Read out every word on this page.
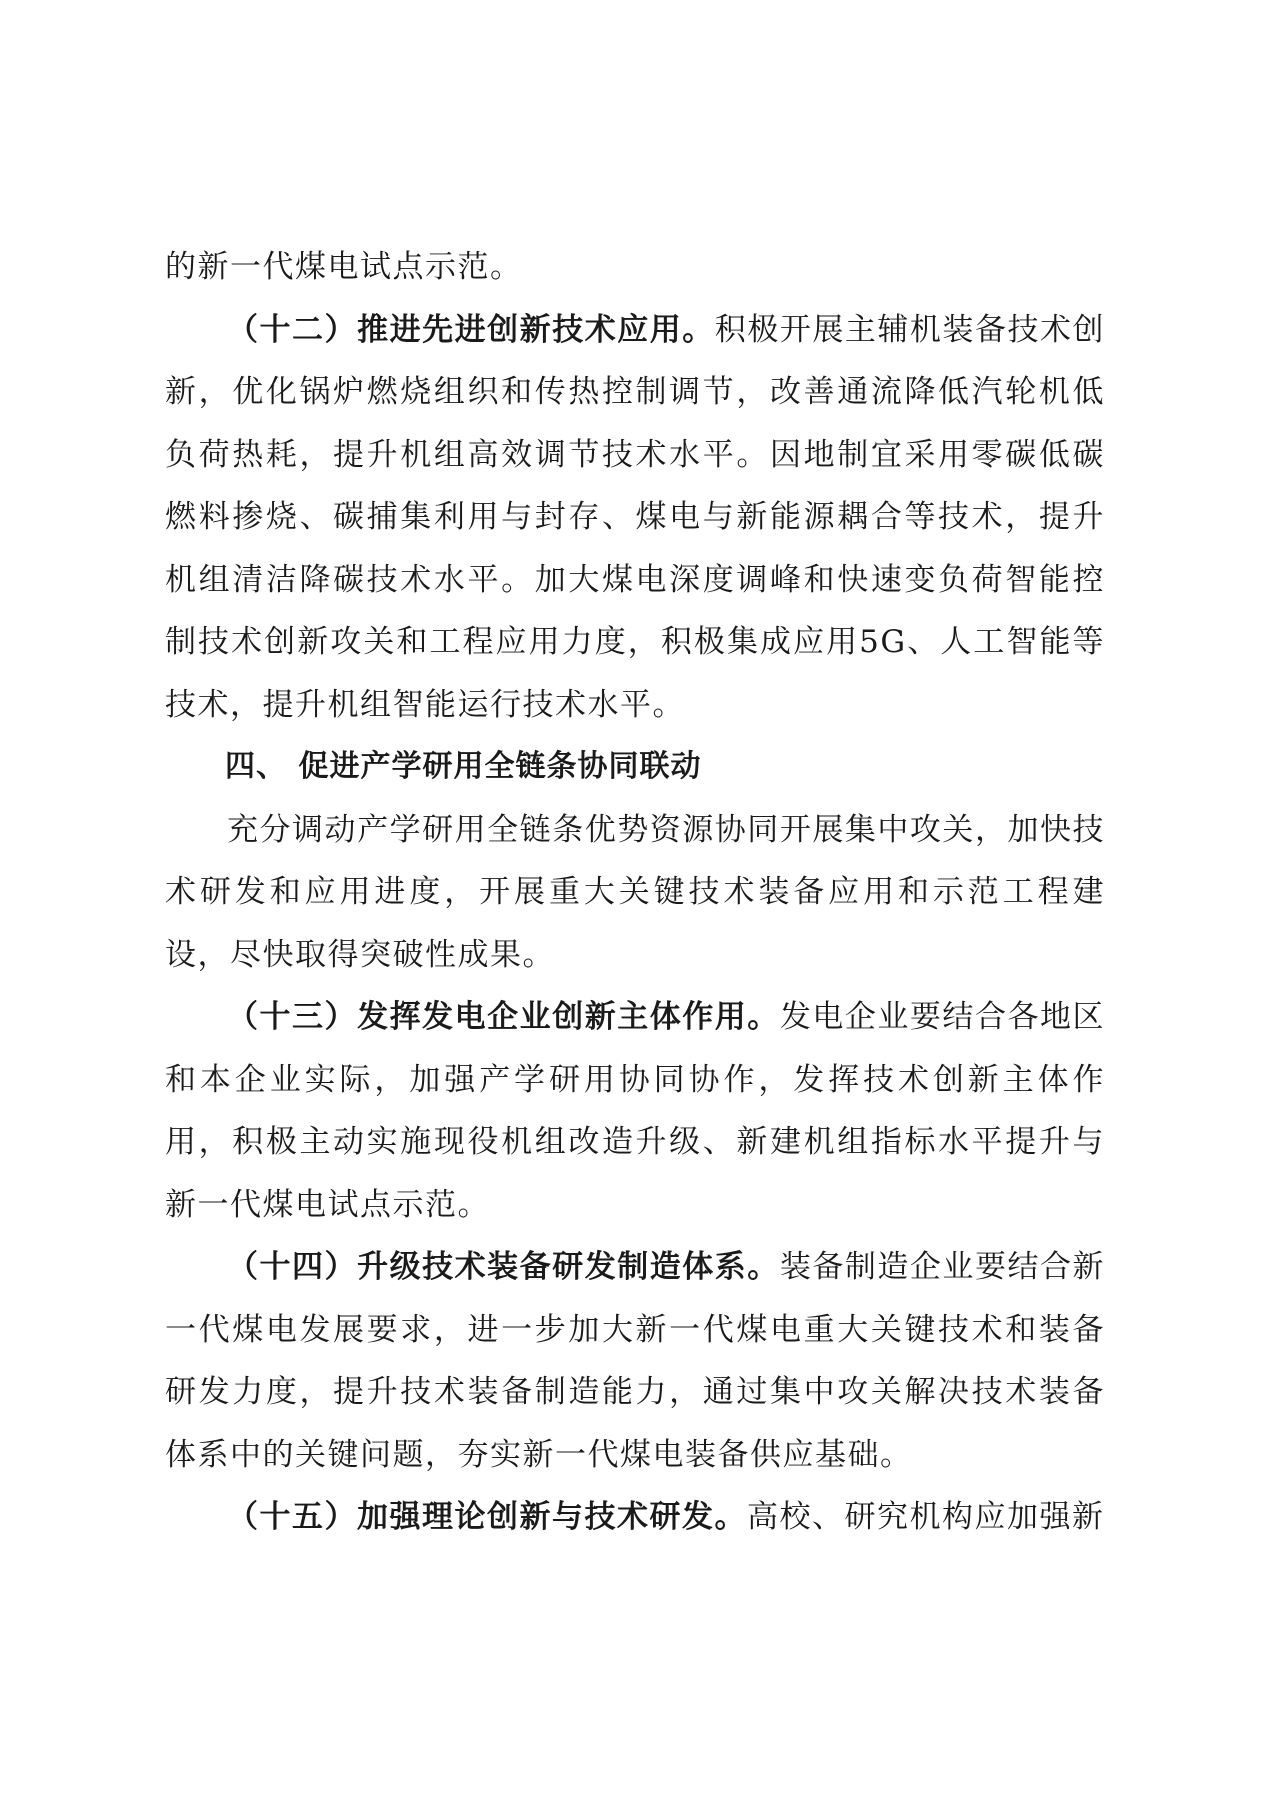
的新一代煤电试点示范。

（十二）推进先进创新技术应用。积极开展主辅机装备技术创新，优化锅炉燃烧组织和传热控制调节，改善通流降低汽轮机低负荷热耗，提升机组高效调节技术水平。因地制宜采用零碳低碳燃料掺烧、碳捕集利用与封存、煤电与新能源耦合等技术，提升机组清洁降碳技术水平。加大煤电深度调峰和快速变负荷智能控制技术创新攻关和工程应用力度，积极集成应用5G、人工智能等技术，提升机组智能运行技术水平。

四、 促进产学研用全链条协同联动

充分调动产学研用全链条优势资源协同开展集中攻关，加快技术研发和应用进度，开展重大关键技术装备应用和示范工程建设，尽快取得突破性成果。

（十三）发挥发电企业创新主体作用。发电企业要结合各地区和本企业实际，加强产学研用协同协作，发挥技术创新主体作用，积极主动实施现役机组改造升级、新建机组指标水平提升与新一代煤电试点示范。

（十四）升级技术装备研发制造体系。装备制造企业要结合新一代煤电发展要求，进一步加大新一代煤电重大关键技术和装备研发力度，提升技术装备制造能力，通过集中攻关解决技术装备体系中的关键问题，夯实新一代煤电装备供应基础。

（十五）加强理论创新与技术研发。高校、研究机构应加强新
